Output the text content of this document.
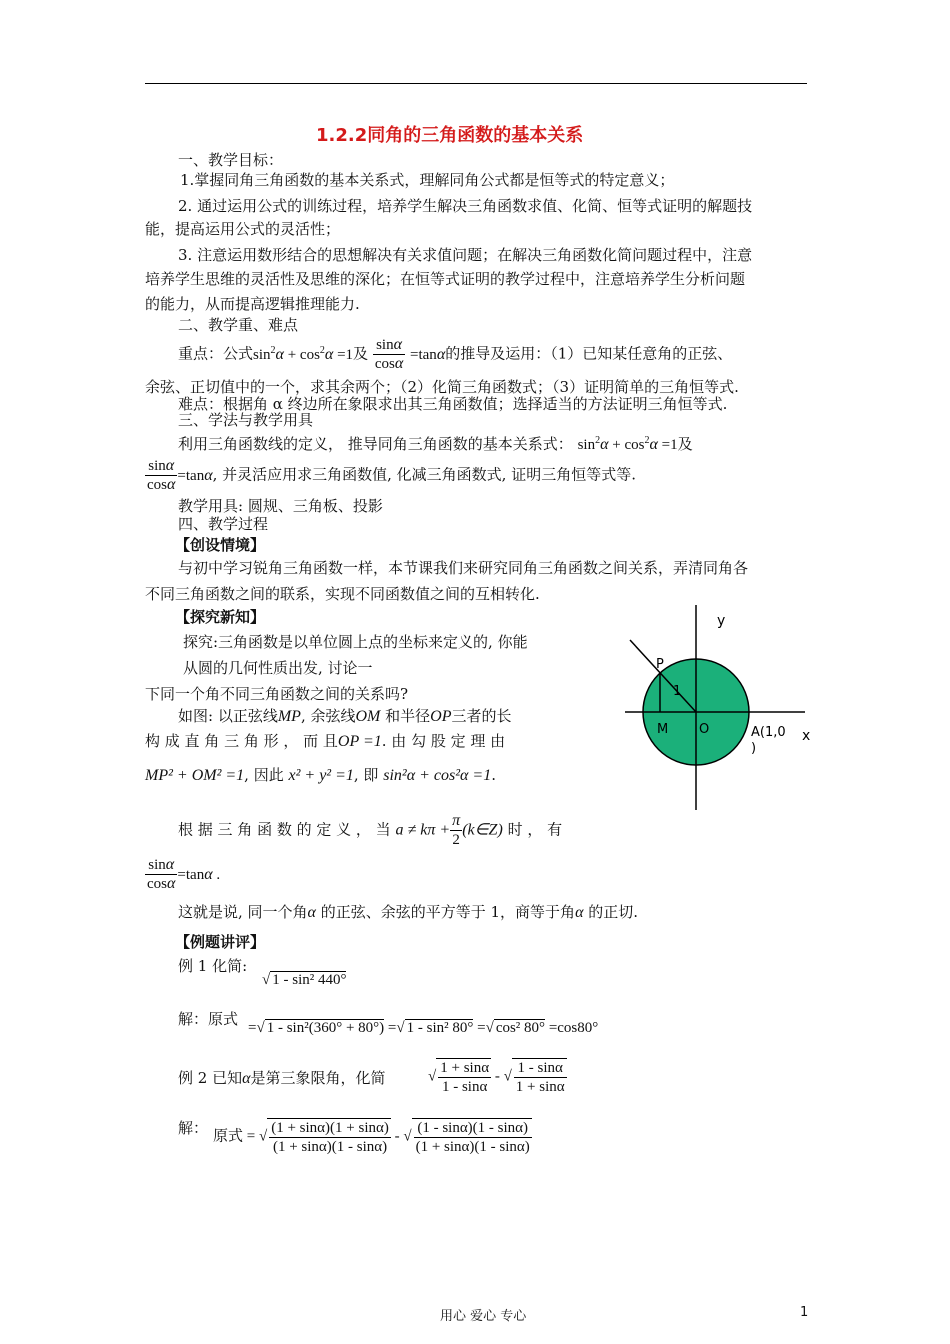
1.2.2同角的三角函数的基本关系
一、教学目标：
1.掌握同角三角函数的基本关系式，理解同角公式都是恒等式的特定意义；
2. 通过运用公式的训练过程，培养学生解决三角函数求值、化简、恒等式证明的解题技
能，提高运用公式的灵活性；
3. 注意运用数形结合的思想解决有关求值问题；在解决三角函数化简问题过程中，注意
培养学生思维的灵活性及思维的深化；在恒等式证明的教学过程中，注意培养学生分析问题
的能力，从而提高逻辑推理能力.
二、教学重、难点
重点：公式$\sin^2\alpha + \cos^2\alpha =1$及 $\frac{\sin\alpha}{\cos\alpha} =\tan\alpha$的推导及运用：（1）已知某任意角的正弦、
余弦、正切值中的一个，求其余两个；（2）化简三角函数式；（3）证明简单的三角恒等式.
难点：根据角 α 终边所在象限求出其三角函数值；选择适当的方法证明三角恒等式.
三、学法与教学用具
利用三角函数线的定义， 推导同角三角函数的基本关系式： $\sin^2\alpha + \cos^2\alpha =1$及
$\frac{\sin\alpha}{\cos\alpha} =\tan\alpha$, 并灵活应用求三角函数值, 化减三角函数式, 证明三角恒等式等.
教学用具: 圆规、三角板、投影
四、教学过程
【创设情境】
与初中学习锐角三角函数一样，本节课我们来研究同角三角函数之间关系，弄清同角各
不同三角函数之间的联系，实现不同函数值之间的互相转化.
【探究新知】
探究:三角函数是以单位圆上点的坐标来定义的, 你能
从圆的几何性质出发, 讨论一
下同一个角不同三角函数之间的关系吗?
如图: 以正弦线MP, 余弦线OM 和半径OP三者的长
构 成 直 角 三 角 形 ， 而 且OP =1. 由 勾 股 定 理 由
MP² + OM² =1, 因此 x² + y² =1, 即 sin²α + cos²α =1.
根 据 三 角 函 数 的 定 义 ， 当 $a \ne k\pi + \frac{\pi}{2}$ (k∈Z) 时 ， 有
$\frac{\sin\alpha}{\cos\alpha} =\tan\alpha$ .
这就是说, 同一个角α 的正弦、余弦的平方等于 1，商等于角α 的正切.
【例题讲评】
例 1 化简:
√ 1 - sin² 440°
解：原式 =√ 1 - sin²(360° + 80°) =√ 1 - sin² 80° =√ cos² 80° =cos80°
例 2 已知α是第三象限角，化简	√ $\frac{1 + \sin\alpha}{1 - \sin\alpha}$ - √ $\frac{1 - \sin\alpha}{1 + \sin\alpha}$
解： 原式 = √ $\frac{(1 + \sin\alpha)(1 + \sin\alpha)}{(1 + \sin\alpha)(1 - \sin\alpha)}$ - √ $\frac{(1 - \sin\alpha)(1 - \sin\alpha)}{(1 + \sin\alpha)(1 - \sin\alpha)}$
y
x
P
1
M O	A(1,0
)
用心 爱心 专心	1
